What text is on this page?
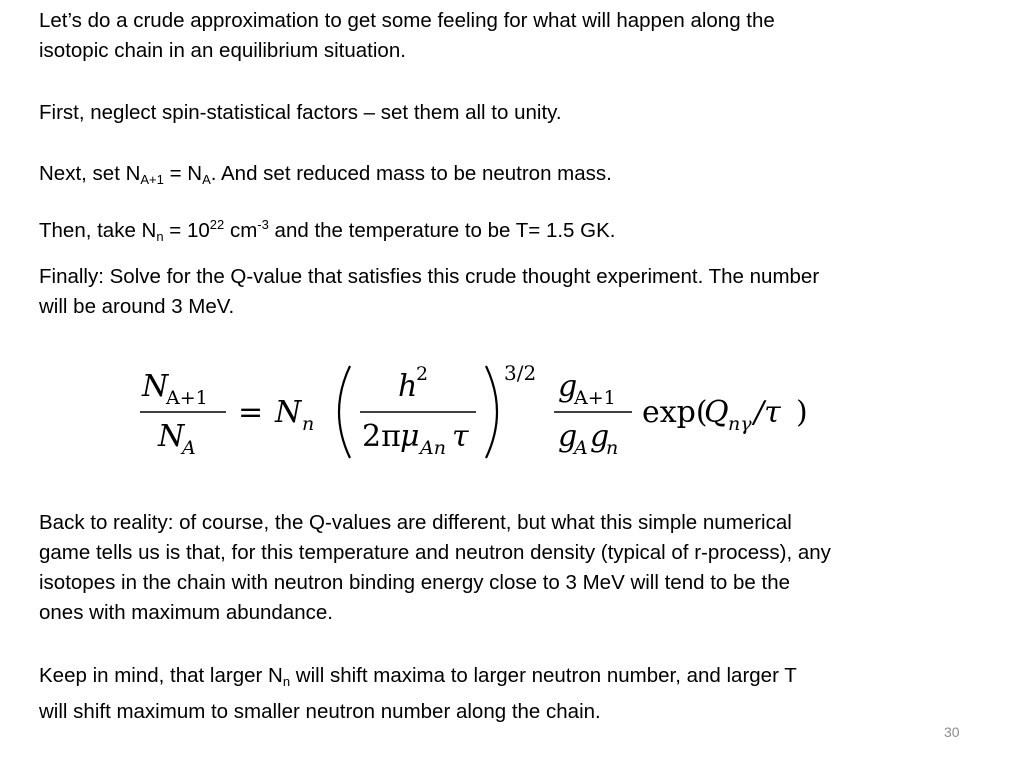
Let’s do a crude approximation to get some feeling for what will happen along the
isotopic chain in an equilibrium situation.

First, neglect spin-statistical factors – set them all to unity.

Next, set $N_{A+1} = N_A$. And set reduced mass to be neutron mass.

Then, take $N_n = 10^{22}$ $cm^{-3}$ and the temperature to be T= 1.5 GK.

Finally: Solve for the Q-value that satisfies this crude thought experiment. The number
will be around 3 MeV.

N
A+1
N
A
= N n
h
2
2π μ An τ
3/2 g
A+1
g
A g
n
exp(
Q nγ /τ )

Back to reality: of course, the Q-values are different, but what this simple numerical
game tells us is that, for this temperature and neutron density (typical of r-process), any
isotopes in the chain with neutron binding energy close to 3 MeV will tend to be the
ones with maximum abundance.

Keep in mind, that larger $N_n$ will shift maxima to larger neutron number, and larger T
will shift maximum to smaller neutron number along the chain.

30
